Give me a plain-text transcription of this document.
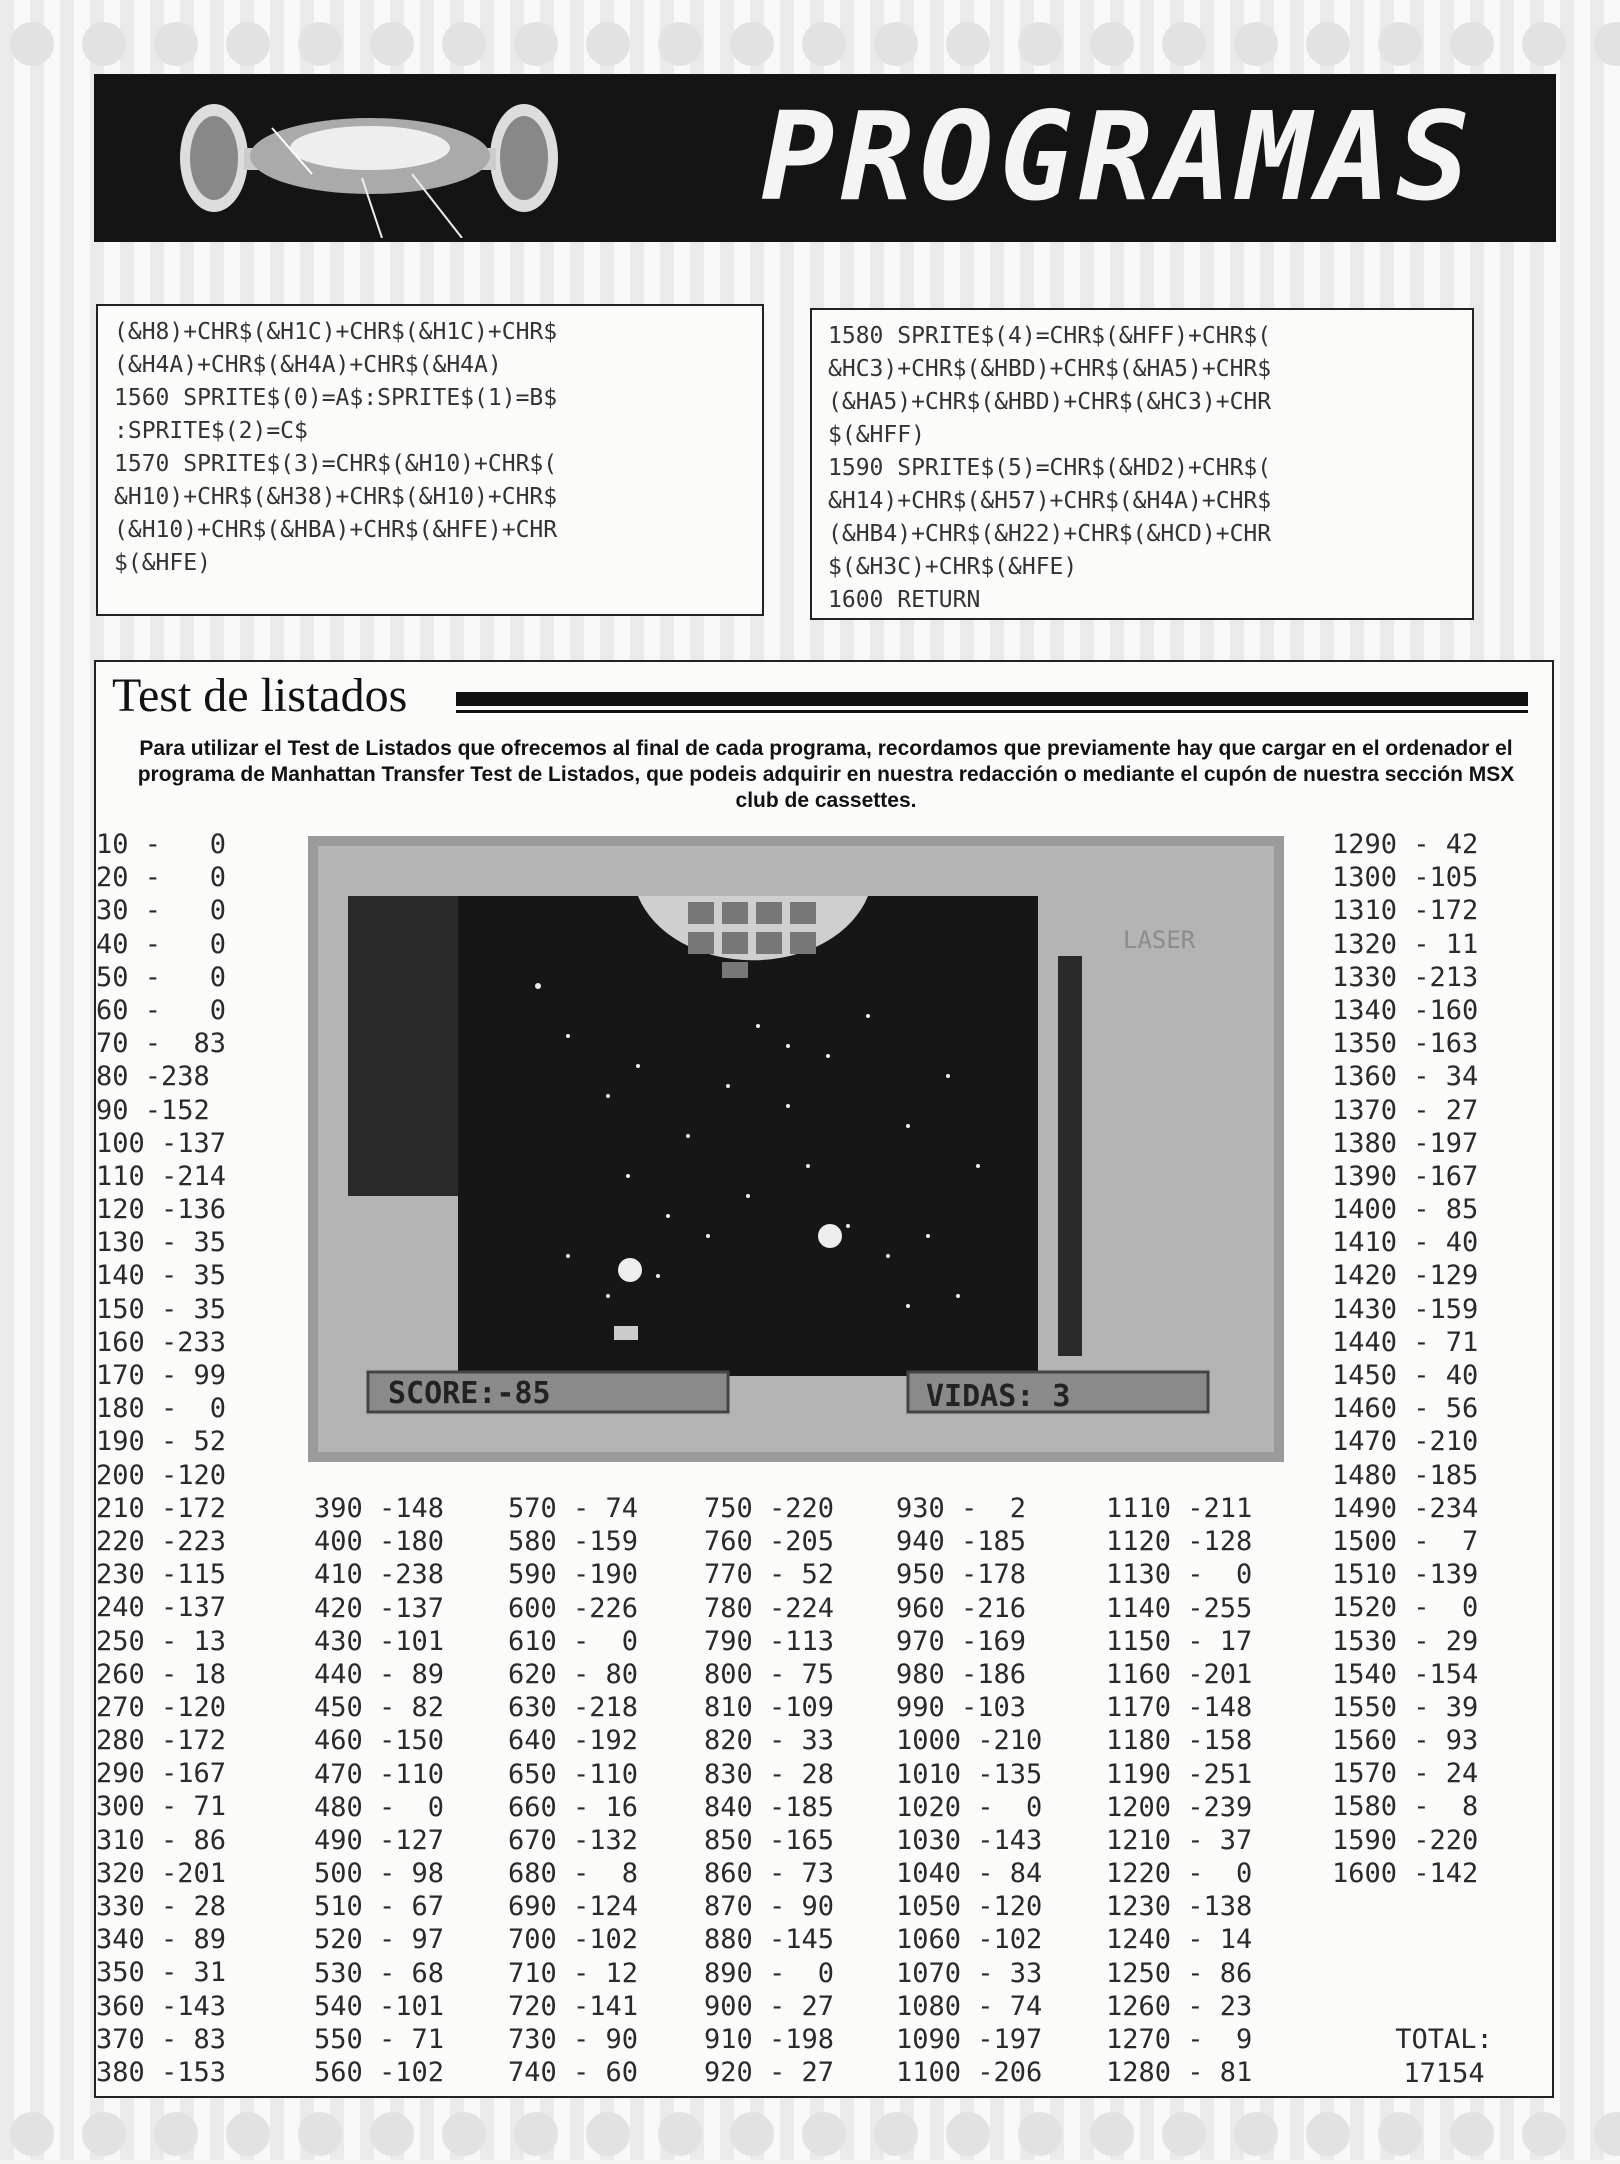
PROGRAMAS
(&H8)+CHR$(&H1C)+CHR$(&H1C)+CHR$
(&H4A)+CHR$(&H4A)+CHR$(&H4A)
1560 SPRITE$(0)=A$:SPRITE$(1)=B$
:SPRITE$(2)=C$
1570 SPRITE$(3)=CHR$(&H10)+CHR$(
&H10)+CHR$(&H38)+CHR$(&H10)+CHR$
(&H10)+CHR$(&HBA)+CHR$(&HFE)+CHR
$(&HFE)
1580 SPRITE$(4)=CHR$(&HFF)+CHR$(
&HC3)+CHR$(&HBD)+CHR$(&HA5)+CHR$
(&HA5)+CHR$(&HBD)+CHR$(&HC3)+CHR
$(&HFF)
1590 SPRITE$(5)=CHR$(&HD2)+CHR$(
&H14)+CHR$(&H57)+CHR$(&H4A)+CHR$
(&HB4)+CHR$(&H22)+CHR$(&HCD)+CHR
$(&H3C)+CHR$(&HFE)
1600 RETURN
Test de listados
Para utilizar el Test de Listados que ofrecemos al final de cada programa, recordamos que previamente hay que cargar en el ordenador el programa de Manhattan Transfer Test de Listados, que podeis adquirir en nuestra redacción o mediante el cupón de nuestra sección MSX club de cassettes.
SCORE:-85	VIDAS: 3
LASER
10 -   0
20 -   0
30 -   0
40 -   0
50 -   0
60 -   0
70 -  83
80 -238
90 -152
100 -137
110 -214
120 -136
130 - 35
140 - 35
150 - 35
160 -233
170 - 99
180 -  0
190 - 52
200 -120
210 -172
220 -223
230 -115
240 -137
250 - 13
260 - 18
270 -120
280 -172
290 -167
300 - 71
310 - 86
320 -201
330 - 28
340 - 89
350 - 31
360 -143
370 - 83
380 -153
390 -148
400 -180
410 -238
420 -137
430 -101
440 - 89
450 - 82
460 -150
470 -110
480 -  0
490 -127
500 - 98
510 - 67
520 - 97
530 - 68
540 -101
550 - 71
560 -102
570 - 74
580 -159
590 -190
600 -226
610 -  0
620 - 80
630 -218
640 -192
650 -110
660 - 16
670 -132
680 -  8
690 -124
700 -102
710 - 12
720 -141
730 - 90
740 - 60
750 -220
760 -205
770 - 52
780 -224
790 -113
800 - 75
810 -109
820 - 33
830 - 28
840 -185
850 -165
860 - 73
870 - 90
880 -145
890 -  0
900 - 27
910 -198
920 - 27
930 -  2
940 -185
950 -178
960 -216
970 -169
980 -186
990 -103
1000 -210
1010 -135
1020 -  0
1030 -143
1040 - 84
1050 -120
1060 -102
1070 - 33
1080 - 74
1090 -197
1100 -206
1110 -211
1120 -128
1130 -  0
1140 -255
1150 - 17
1160 -201
1170 -148
1180 -158
1190 -251
1200 -239
1210 - 37
1220 -  0
1230 -138
1240 - 14
1250 - 86
1260 - 23
1270 -  9
1280 - 81
1290 - 42
1300 -105
1310 -172
1320 - 11
1330 -213
1340 -160
1350 -163
1360 - 34
1370 - 27
1380 -197
1390 -167
1400 - 85
1410 - 40
1420 -129
1430 -159
1440 - 71
1450 - 40
1460 - 56
1470 -210
1480 -185
1490 -234
1500 -  7
1510 -139
1520 -  0
1530 - 29
1540 -154
1550 - 39
1560 - 93
1570 - 24
1580 -  8
1590 -220
1600 -142
TOTAL:
17154
